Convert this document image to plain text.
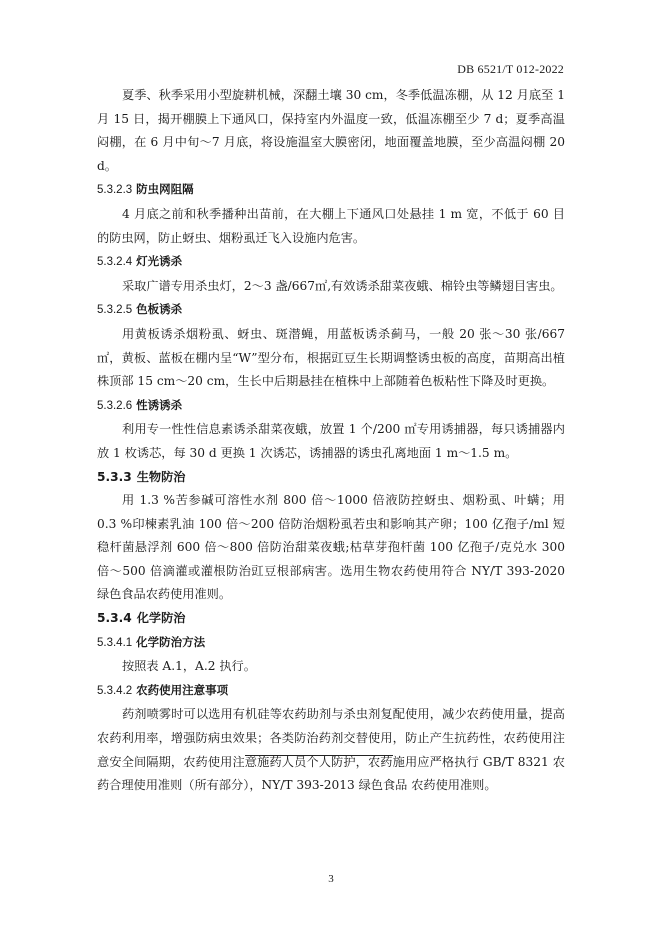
DB 6521/T 012-2022

夏季、秋季采用小型旋耕机械，深翻土壤 30 cm，冬季低温冻棚，从 12 月底至 1 月 15 日，揭开棚膜上下通风口，保持室内外温度一致，低温冻棚至少 7 d；夏季高温闷棚，在 6 月中旬～7 月底，将设施温室大膜密闭，地面覆盖地膜，至少高温闷棚 20 d。

5.3.2.3 防虫网阻隔

4 月底之前和秋季播种出苗前，在大棚上下通风口处悬挂 1 m 宽，不低于 60 目的防虫网，防止蚜虫、烟粉虱迁飞入设施内危害。

5.3.2.4 灯光诱杀

采取广谱专用杀虫灯，2～3 盏/667㎡,有效诱杀甜菜夜蛾、棉铃虫等鳞翅目害虫。

5.3.2.5 色板诱杀

用黄板诱杀烟粉虱、蚜虫、斑潜蝇，用蓝板诱杀蓟马，一般 20 张～30 张/667㎡，黄板、蓝板在棚内呈“W”型分布，根据豇豆生长期调整诱虫板的高度，苗期高出植株顶部 15 cm～20 cm，生长中后期悬挂在植株中上部随着色板粘性下降及时更换。

5.3.2.6 性诱诱杀

利用专一性性信息素诱杀甜菜夜蛾，放置 1 个/200 ㎡专用诱捕器，每只诱捕器内放 1 枚诱芯，每 30 d 更换 1 次诱芯，诱捕器的诱虫孔离地面 1 m～1.5 m。

5.3.3 生物防治

用 1.3 %苦参碱可溶性水剂 800 倍～1000 倍液防控蚜虫、烟粉虱、叶螨；用 0.3 %印楝素乳油 100 倍～200 倍防治烟粉虱若虫和影响其产卵；100 亿孢子/ml 短稳杆菌悬浮剂 600 倍～800 倍防治甜菜夜蛾;枯草芽孢杆菌 100 亿孢子/克兑水 300 倍～500 倍滴灌或灌根防治豇豆根部病害。选用生物农药使用符合 NY/T 393-2020 绿色食品农药使用准则。

5.3.4 化学防治
5.3.4.1 化学防治方法

按照表 A.1，A.2 执行。

5.3.4.2 农药使用注意事项

药剂喷雾时可以选用有机硅等农药助剂与杀虫剂复配使用，减少农药使用量，提高农药利用率，增强防病虫效果；各类防治药剂交替使用，防止产生抗药性，农药使用注意安全间隔期，农药使用注意施药人员个人防护，农药施用应严格执行 GB/T 8321 农药合理使用准则（所有部分），NY/T 393-2013 绿色食品 农药使用准则。

3
